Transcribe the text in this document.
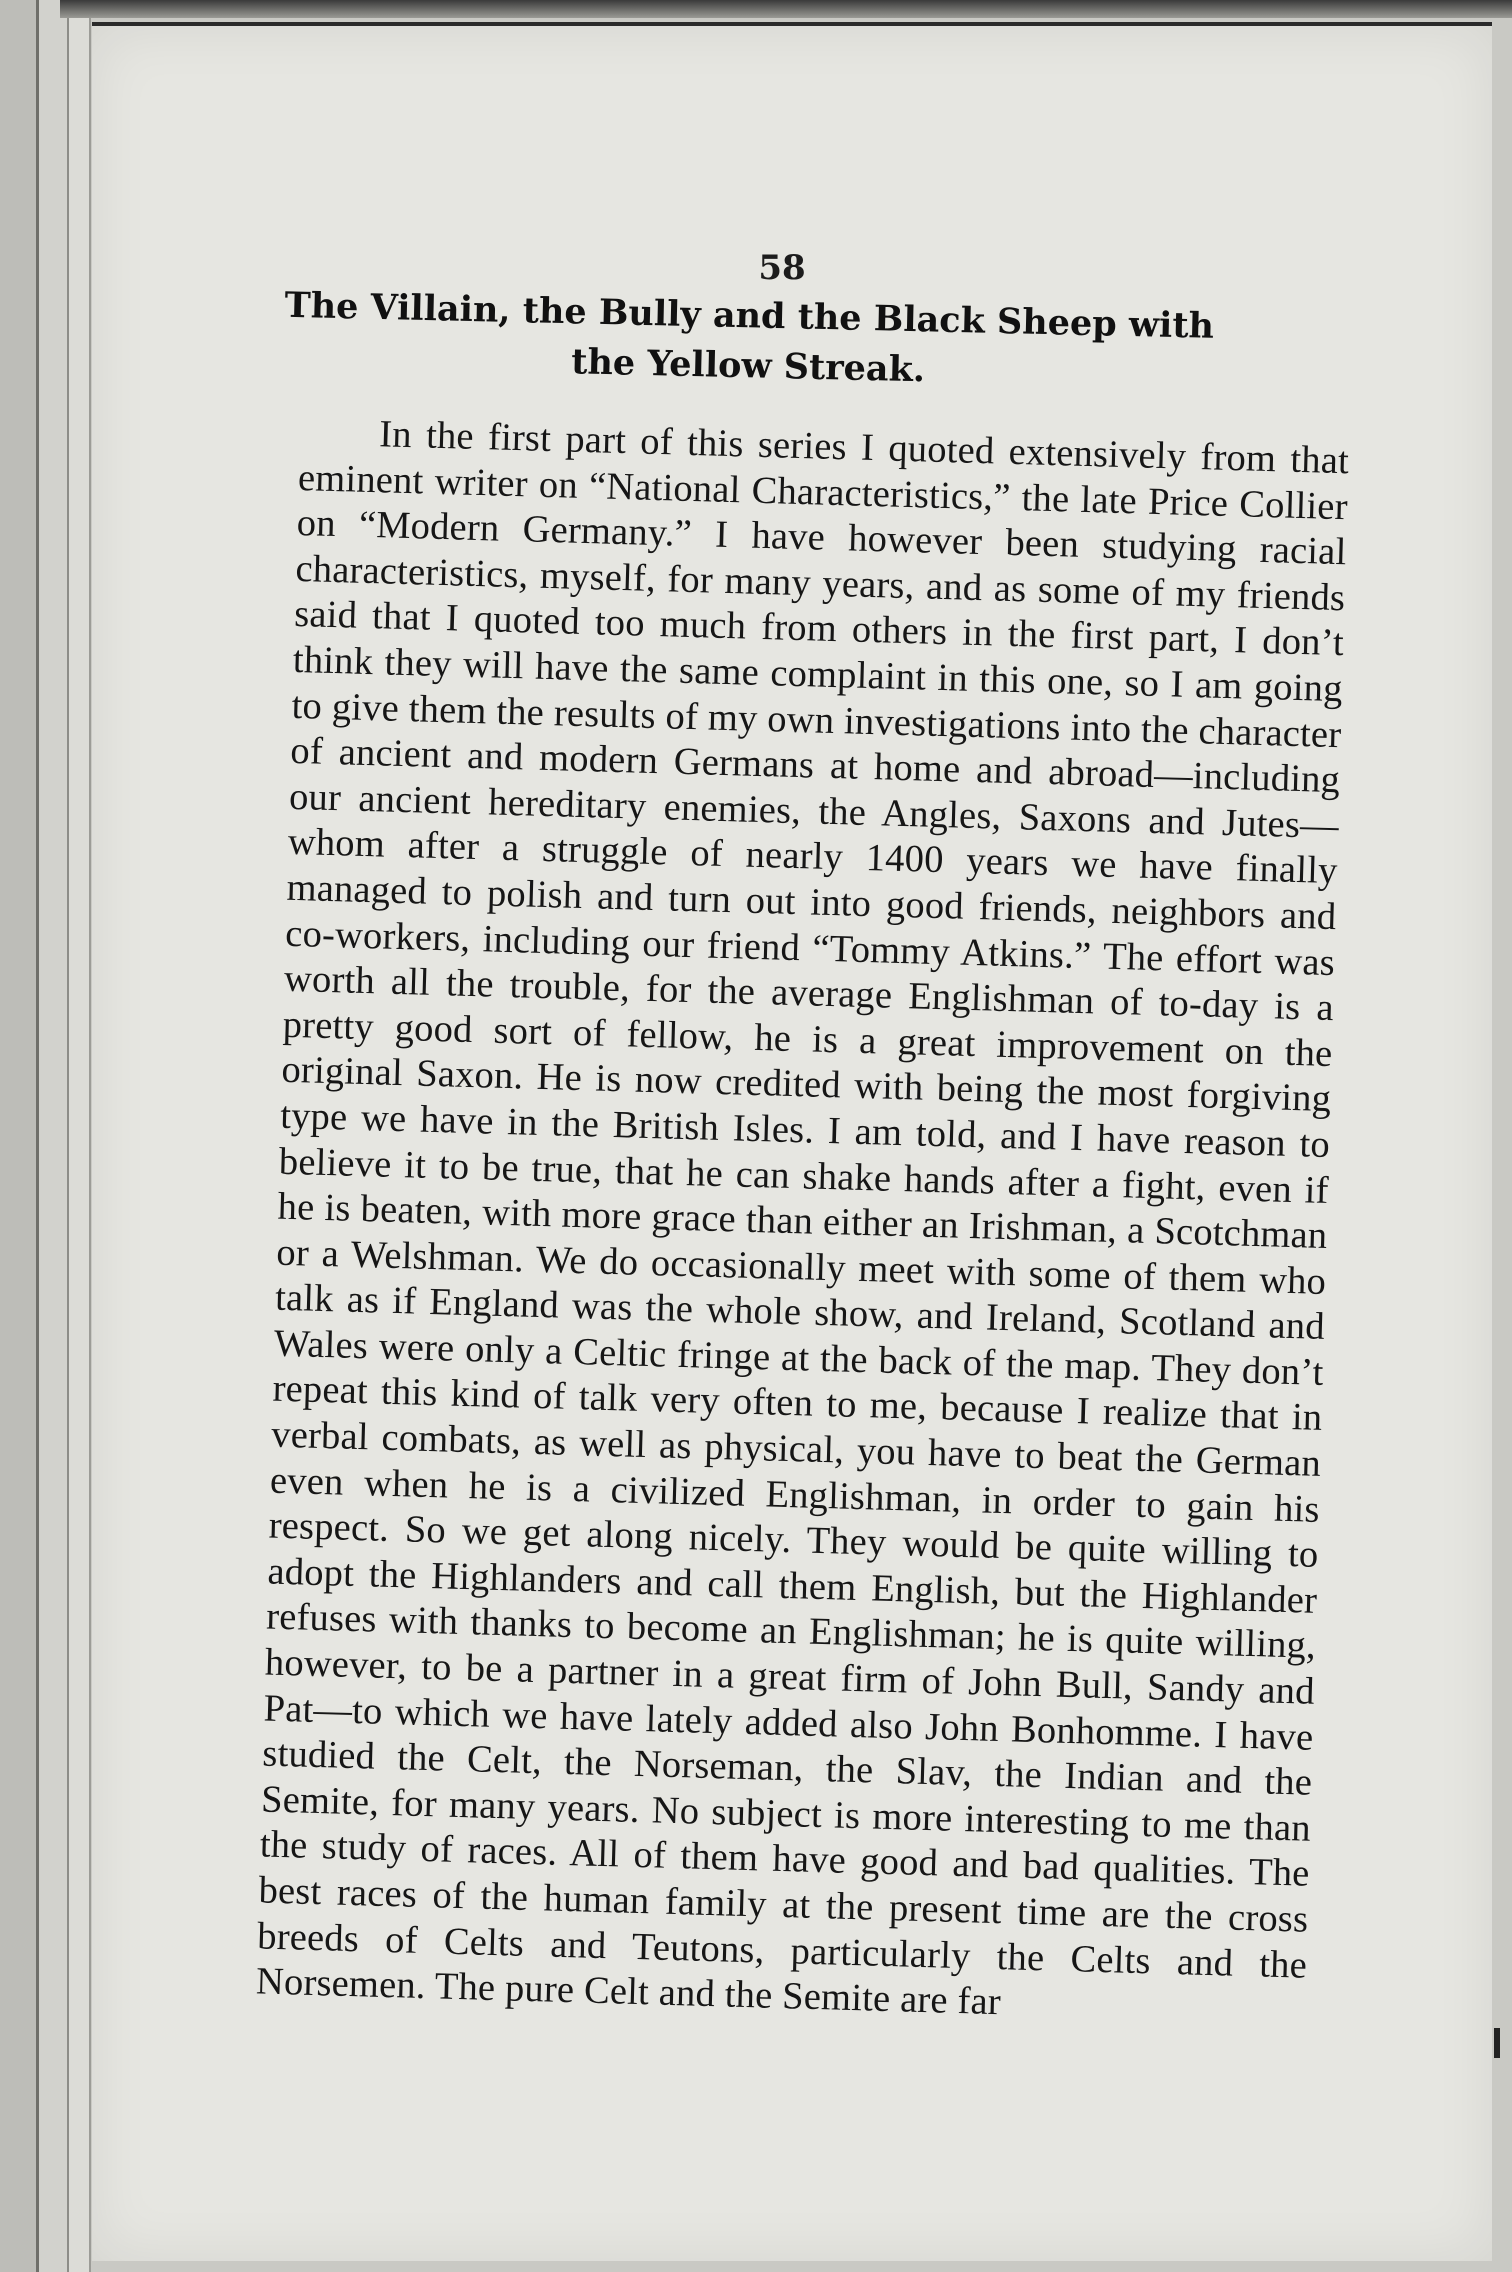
58
The Villain, the Bully and the Black Sheep with the Yellow Streak.

In the first part of this series I quoted extensively from that eminent writer on “National Characteristics,” the late Price Collier on “Modern Germany.” I have however been studying racial characteristics, myself, for many years, and as some of my friends said that I quoted too much from others in the first part, I don’t think they will have the same complaint in this one, so I am going to give them the results of my own investigations into the character of ancient and modern Germans at home and abroad—including our ancient hereditary enemies, the Angles, Saxons and Jutes—whom after a struggle of nearly 1400 years we have finally managed to polish and turn out into good friends, neighbors and co-workers, including our friend “Tommy Atkins.” The effort was worth all the trouble, for the average Englishman of to-day is a pretty good sort of fellow, he is a great improvement on the original Saxon. He is now credited with being the most forgiving type we have in the British Isles. I am told, and I have reason to believe it to be true, that he can shake hands after a fight, even if he is beaten, with more grace than either an Irishman, a Scotchman or a Welshman. We do occasionally meet with some of them who talk as if England was the whole show, and Ireland, Scotland and Wales were only a Celtic fringe at the back of the map. They don’t repeat this kind of talk very often to me, because I realize that in verbal combats, as well as physical, you have to beat the German even when he is a civilized Englishman, in order to gain his respect. So we get along nicely. They would be quite willing to adopt the Highlanders and call them English, but the Highlander refuses with thanks to become an Englishman; he is quite willing, however, to be a partner in a great firm of John Bull, Sandy and Pat—to which we have lately added also John Bonhomme. I have studied the Celt, the Norseman, the Slav, the Indian and the Semite, for many years. No subject is more interesting to me than the study of races. All of them have good and bad qualities. The best races of the human family at the present time are the cross breeds of Celts and Teutons, particularly the Celts and the Norsemen. The pure Celt and the Semite are far
